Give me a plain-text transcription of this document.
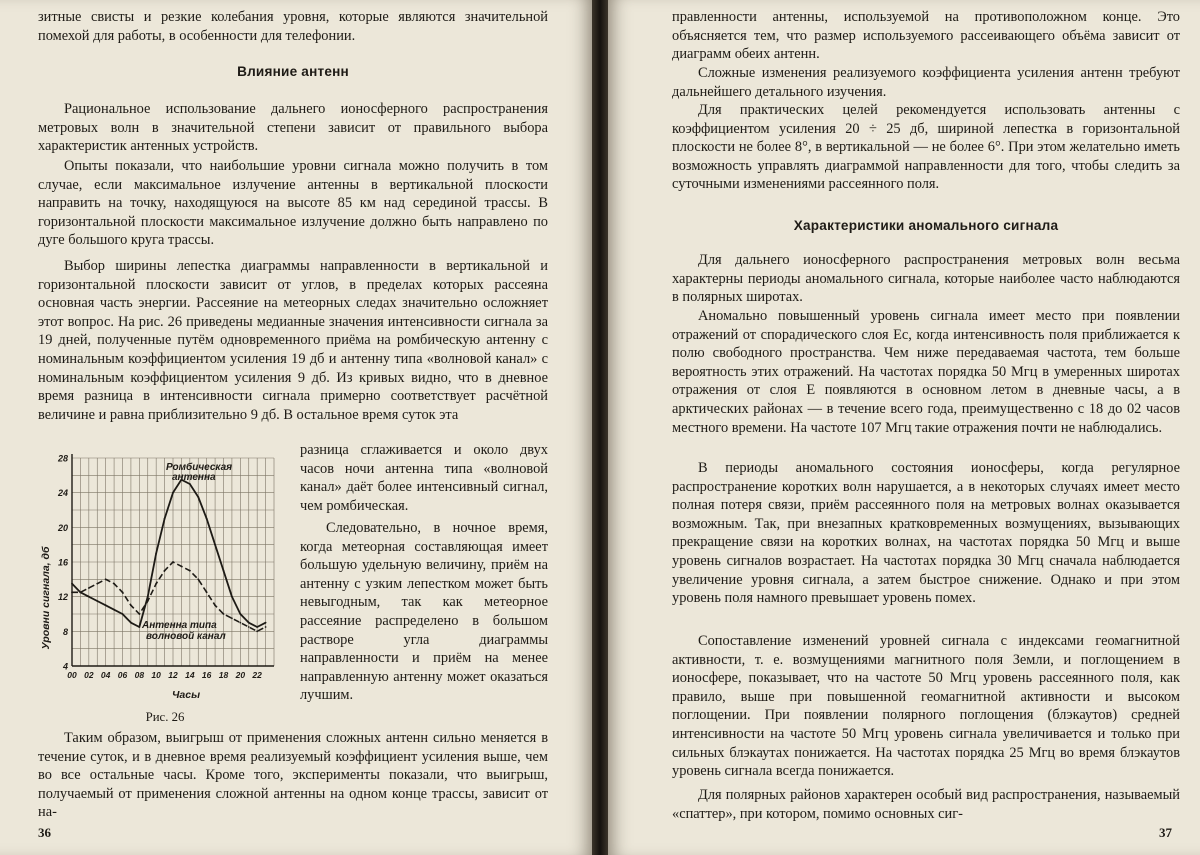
зитные свисты и резкие колебания уровня, которые являются значительной помехой для работы, в особенности для телефонии.

Влияние антенн

Рациональное использование дальнего ионосферного распространения метровых волн в значительной степени зависит от правильного выбора характеристик антенных устройств.

Опыты показали, что наибольшие уровни сигнала можно получить в том случае, если максимальное излучение антенны в вертикальной плоскости направить на точку, находящуюся на высоте 85 км над серединой трассы. В горизонтальной плоскости максимальное излучение должно быть направлено по дуге большого круга трассы.

Выбор ширины лепестка диаграммы направленности в вертикальной и горизонтальной плоскости зависит от углов, в пределах которых рассеяна основная часть энергии. Рассеяние на метеорных следах значительно осложняет этот вопрос. На рис. 26 приведены медианные значения интенсивности сигнала за 19 дней, полученные путём одновременного приёма на ромбическую антенну с номинальным коэффициентом усиления 19 дб и антенну типа «волновой канал» с номинальным коэффициентом усиления 9 дб. Из кривых видно, что в дневное время разница в интенсивности сигнала примерно соответствует расчётной величине и равна приблизительно 9 дб. В остальное время суток эта

4
8
12
16
20
24
28
00 02 04 06 08 10 12 14 16 18 20 22
Уровни сигнала, дб
Часы
Ромбическая
антенна
Антенна типа
волновой канал
Рис. 26

разница сглаживается и около двух часов ночи антенна типа «волновой канал» даёт более интенсивный сигнал, чем ромбическая.

Следовательно, в ночное время, когда метеорная составляющая имеет большую удельную величину, приём на антенну с узким лепестком может быть невыгодным, так как метеорное рассеяние распределено в большом растворе угла диаграммы направленности и приём на менее направленную антенну может оказаться лучшим.

Таким образом, выигрыш от применения сложных антенн сильно меняется в течение суток, и в дневное время реализуемый коэффициент усиления выше, чем во все остальные часы. Кроме того, эксперименты показали, что выигрыш, получаемый от применения сложной антенны на одном конце трассы, зависит от на-

36

правленности антенны, используемой на противоположном конце. Это объясняется тем, что размер используемого рассеивающего объёма зависит от диаграмм обеих антенн.

Сложные изменения реализуемого коэффициента усиления антенн требуют дальнейшего детального изучения.

Для практических целей рекомендуется использовать антенны с коэффициентом усиления 20 ÷ 25 дб, шириной лепестка в горизонтальной плоскости не более 8°, в вертикальной — не более 6°. При этом желательно иметь возможность управлять диаграммой направленности для того, чтобы следить за суточными изменениями рассеянного поля.

Характеристики аномального сигнала

Для дальнего ионосферного распространения метровых волн весьма характерны периоды аномального сигнала, которые наиболее часто наблюдаются в полярных широтах.

Аномально повышенный уровень сигнала имеет место при появлении отражений от спорадического слоя Eс, когда интенсивность поля приближается к полю свободного пространства. Чем ниже передаваемая частота, тем больше вероятность этих отражений. На частотах порядка 50 Мгц в умеренных широтах отражения от слоя E появляются в основном летом в дневные часы, а в арктических районах — в течение всего года, преимущественно с 18 до 02 часов местного времени. На частоте 107 Мгц такие отражения почти не наблюдались.

В периоды аномального состояния ионосферы, когда регулярное распространение коротких волн нарушается, а в некоторых случаях имеет место полная потеря связи, приём рассеянного поля на метровых волнах оказывается возможным. Так, при внезапных кратковременных возмущениях, вызывающих прекращение связи на коротких волнах, на частотах порядка 50 Мгц и выше уровень сигналов возрастает. На частотах порядка 30 Мгц сначала наблюдается увеличение уровня сигнала, а затем быстрое снижение. Однако и при этом уровень поля намного превышает уровень помех.

Сопоставление изменений уровней сигнала с индексами геомагнитной активности, т. е. возмущениями магнитного поля Земли, и поглощением в ионосфере, показывает, что на частоте 50 Мгц уровень рассеянного поля, как правило, выше при повышенной геомагнитной активности и высоком поглощении. При появлении полярного поглощения (блэкаутов) средней интенсивности на частоте 50 Мгц уровень сигнала увеличивается и только при сильных блэкаутах понижается. На частотах порядка 25 Мгц во время блэкаутов уровень сигнала всегда понижается.

Для полярных районов характерен особый вид распространения, называемый «спаттер», при котором, помимо основных сиг-

37
